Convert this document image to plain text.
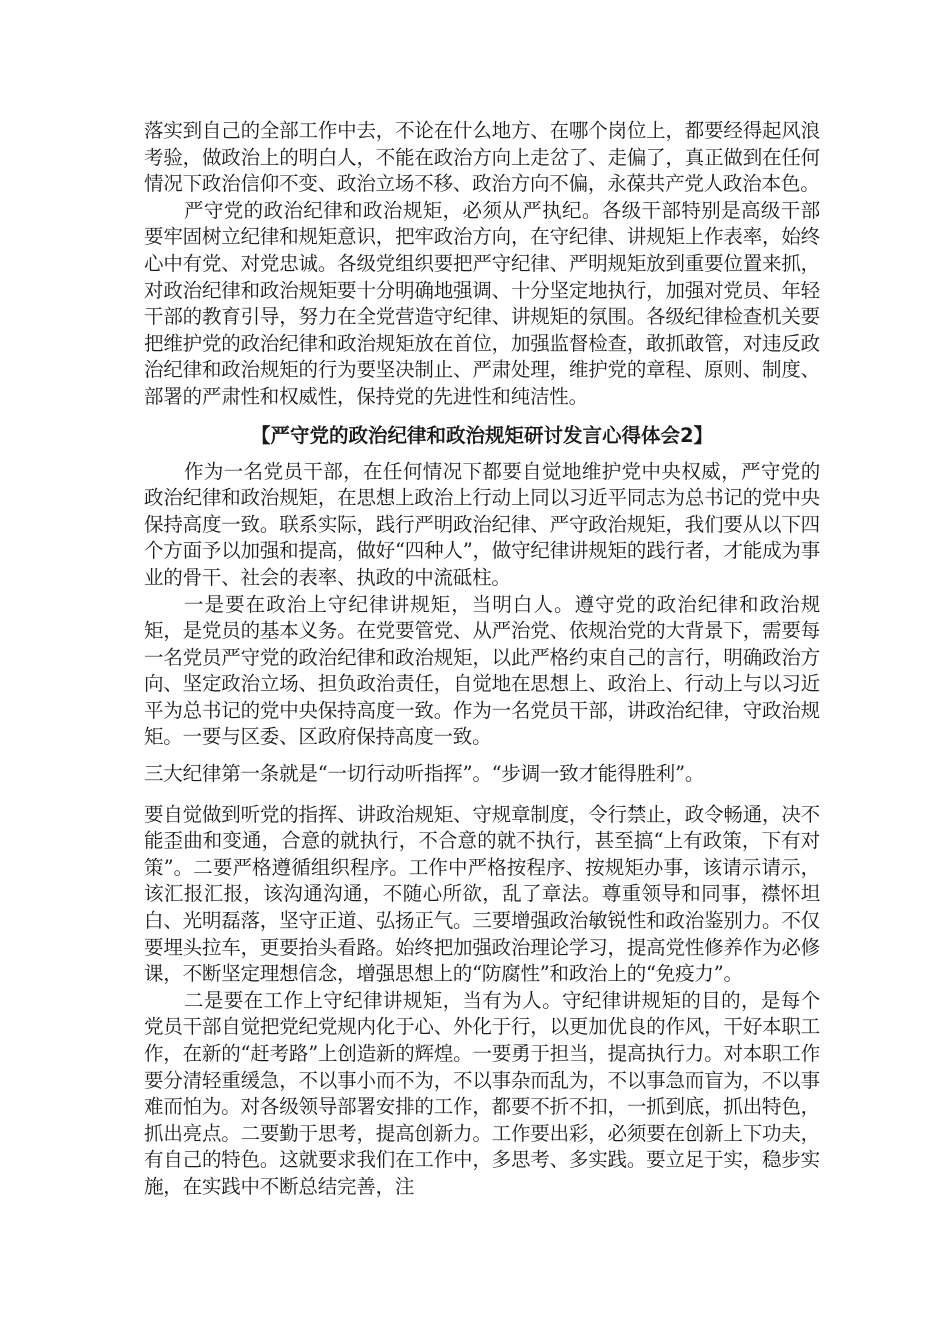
落实到自己的全部工作中去，不论在什么地方、在哪个岗位上，都要经得起风浪考验，做政治上的明白人，不能在政治方向上走岔了、走偏了，真正做到在任何情况下政治信仰不变、政治立场不移、政治方向不偏，永葆共产党人政治本色。

严守党的政治纪律和政治规矩，必须从严执纪。各级干部特别是高级干部要牢固树立纪律和规矩意识，把牢政治方向，在守纪律、讲规矩上作表率，始终心中有党、对党忠诚。各级党组织要把严守纪律、严明规矩放到重要位置来抓，对政治纪律和政治规矩要十分明确地强调、十分坚定地执行，加强对党员、年轻干部的教育引导，努力在全党营造守纪律、讲规矩的氛围。各级纪律检查机关要把维护党的政治纪律和政治规矩放在首位，加强监督检查，敢抓敢管，对违反政治纪律和政治规矩的行为要坚决制止、严肃处理，维护党的章程、原则、制度、部署的严肃性和权威性，保持党的先进性和纯洁性。

【严守党的政治纪律和政治规矩研讨发言心得体会2】

作为一名党员干部，在任何情况下都要自觉地维护党中央权威，严守党的政治纪律和政治规矩，在思想上政治上行动上同以习近平同志为总书记的党中央保持高度一致。联系实际，践行严明政治纪律、严守政治规矩，我们要从以下四个方面予以加强和提高，做好“四种人”，做守纪律讲规矩的践行者，才能成为事业的骨干、社会的表率、执政的中流砥柱。

一是要在政治上守纪律讲规矩，当明白人。遵守党的政治纪律和政治规矩，是党员的基本义务。在党要管党、从严治党、依规治党的大背景下，需要每一名党员严守党的政治纪律和政治规矩，以此严格约束自己的言行，明确政治方向、坚定政治立场、担负政治责任，自觉地在思想上、政治上、行动上与以习近平为总书记的党中央保持高度一致。作为一名党员干部，讲政治纪律，守政治规矩。一要与区委、区政府保持高度一致。

三大纪律第一条就是“一切行动听指挥”。“步调一致才能得胜利”。

要自觉做到听党的指挥、讲政治规矩、守规章制度，令行禁止，政令畅通，决不能歪曲和变通，合意的就执行，不合意的就不执行，甚至搞“上有政策，下有对策”。二要严格遵循组织程序。工作中严格按程序、按规矩办事，该请示请示，该汇报汇报，该沟通沟通，不随心所欲，乱了章法。尊重领导和同事，襟怀坦白、光明磊落，坚守正道、弘扬正气。三要增强政治敏锐性和政治鉴别力。不仅要埋头拉车，更要抬头看路。始终把加强政治理论学习，提高党性修养作为必修课，不断坚定理想信念，增强思想上的“防腐性”和政治上的“免疫力”。

二是要在工作上守纪律讲规矩，当有为人。守纪律讲规矩的目的，是每个党员干部自觉把党纪党规内化于心、外化于行，以更加优良的作风，干好本职工作，在新的“赶考路”上创造新的辉煌。一要勇于担当，提高执行力。对本职工作要分清轻重缓急，不以事小而不为，不以事杂而乱为，不以事急而盲为，不以事难而怕为。对各级领导部署安排的工作，都要不折不扣，一抓到底，抓出特色，抓出亮点。二要勤于思考，提高创新力。工作要出彩，必须要在创新上下功夫，有自己的特色。这就要求我们在工作中，多思考、多实践。要立足于实，稳步实施，在实践中不断总结完善，注
